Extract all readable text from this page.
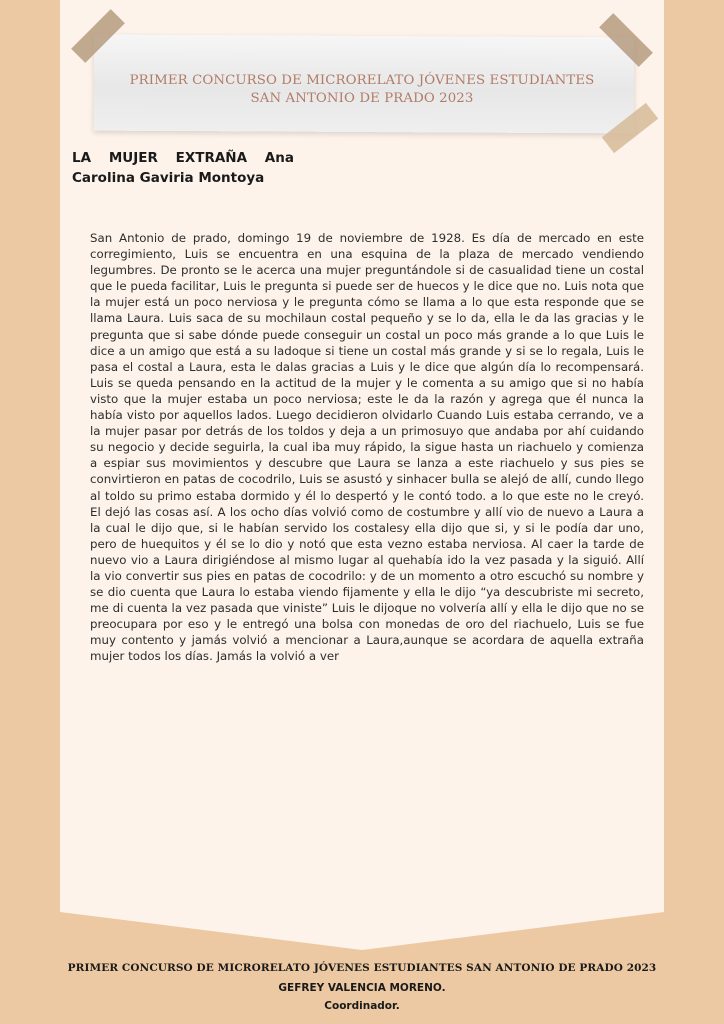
PRIMER CONCURSO DE MICRORELATO JÓVENES ESTUDIANTES
SAN ANTONIO DE PRADO 2023
LA MUJER EXTRAÑA Ana
Carolina Gaviria Montoya

San Antonio de prado, domingo 19 de noviembre de 1928. Es día de mercado en este corregimiento, Luis se encuentra en una esquina de la plaza de mercado vendiendo legumbres. De pronto se le acerca una mujer preguntándole si de casualidad tiene un costal que le pueda facilitar, Luis le pregunta si puede ser de huecos y le dice que no. Luis nota que la mujer está un poco nerviosa y le pregunta cómo se llama a lo que esta responde que se llama Laura. Luis saca de su mochilaun costal pequeño y se lo da, ella le da las gracias y le pregunta que si sabe dónde puede conseguir un costal un poco más grande a lo que Luis le dice a un amigo que está a su ladoque si tiene un costal más grande y si se lo regala, Luis le pasa el costal a Laura, esta le dalas gracias a Luis y le dice que algún día lo recompensará. Luis se queda pensando en la actitud de la mujer y le comenta a su amigo que si no había visto que la mujer estaba un poco nerviosa; este le da la razón y agrega que él nunca la había visto por aquellos lados. Luego decidieron olvidarlo Cuando Luis estaba cerrando, ve a la mujer pasar por detrás de los toldos y deja a un primosuyo que andaba por ahí cuidando su negocio y decide seguirla, la cual iba muy rápido, la sigue hasta un riachuelo y comienza a espiar sus movimientos y descubre que Laura se lanza a este riachuelo y sus pies se convirtieron en patas de cocodrilo, Luis se asustó y sinhacer bulla se alejó de allí, cundo llego al toldo su primo estaba dormido y él lo despertó y le contó todo. a lo que este no le creyó. El dejó las cosas así. A los ocho días volvió como de costumbre y allí vio de nuevo a Laura a la cual le dijo que, si le habían servido los costalesy ella dijo que si, y si le podía dar uno, pero de huequitos y él se lo dio y notó que esta vezno estaba nerviosa. Al caer la tarde de nuevo vio a Laura dirigiéndose al mismo lugar al quehabía ido la vez pasada y la siguió. Allí la vio convertir sus pies en patas de cocodrilo: y de un momento a otro escuchó su nombre y se dio cuenta que Laura lo estaba viendo fijamente y ella le dijo “ya descubriste mi secreto, me di cuenta la vez pasada que viniste” Luis le dijoque no volvería allí y ella le dijo que no se preocupara por eso y le entregó una bolsa con monedas de oro del riachuelo, Luis se fue muy contento y jamás volvió a mencionar a Laura,aunque se acordara de aquella extraña mujer todos los días. Jamás la volvió a ver

PRIMER CONCURSO DE MICRORELATO JÓVENES ESTUDIANTES SAN ANTONIO DE PRADO 2023
GEFREY VALENCIA MORENO.
Coordinador.
